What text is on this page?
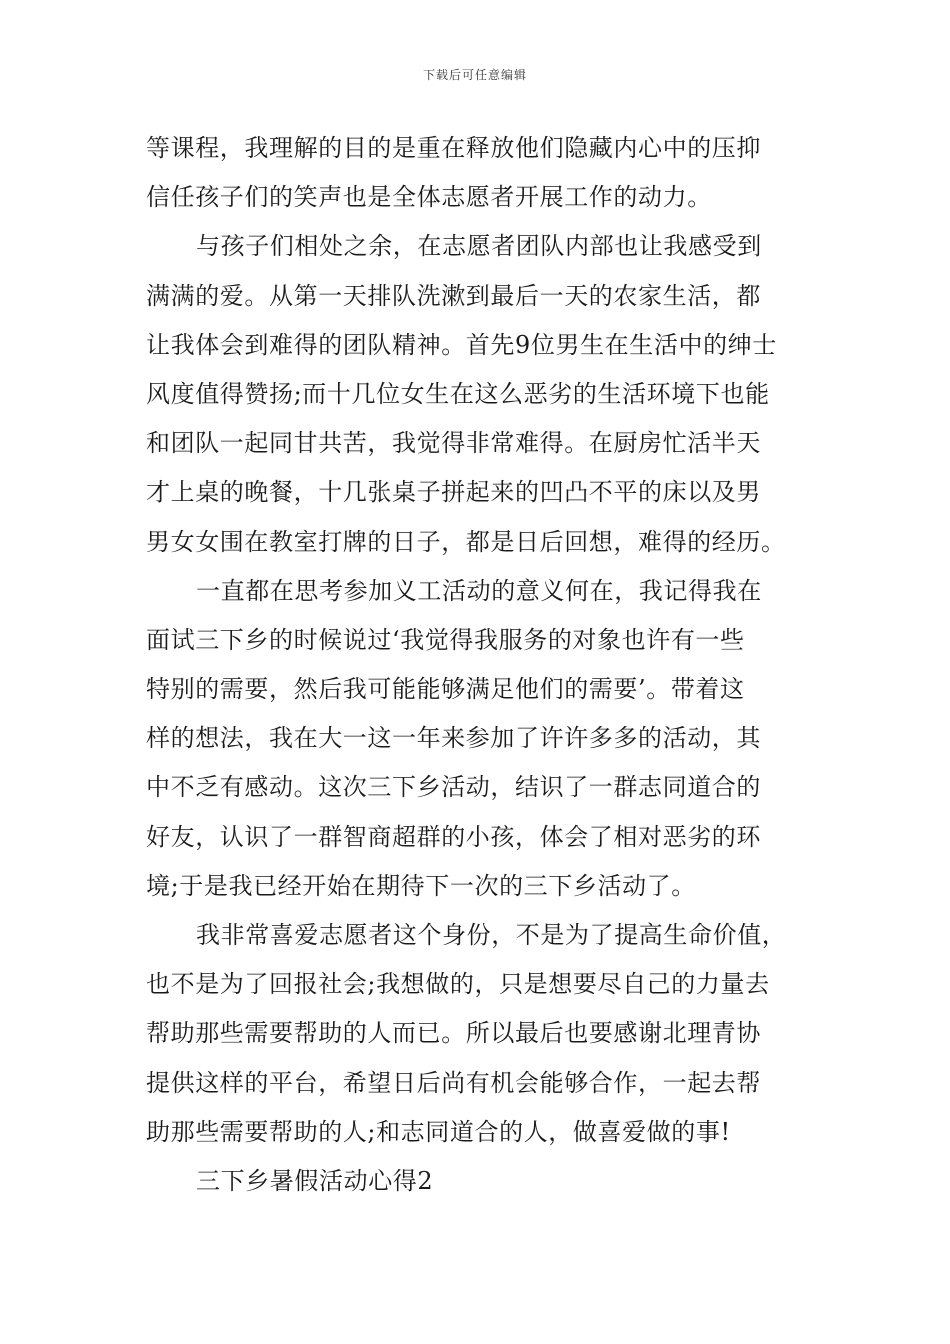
下载后可任意编辑
等课程，我理解的目的是重在释放他们隐藏内心中的压抑
信任孩子们的笑声也是全体志愿者开展工作的动力。
与孩子们相处之余，在志愿者团队内部也让我感受到
满满的爱。从第一天排队洗漱到最后一天的农家生活，都
让我体会到难得的团队精神。首先9位男生在生活中的绅士
风度值得赞扬;而十几位女生在这么恶劣的生活环境下也能
和团队一起同甘共苦，我觉得非常难得。在厨房忙活半天
才上桌的晚餐，十几张桌子拼起来的凹凸不平的床以及男
男女女围在教室打牌的日子，都是日后回想，难得的经历。
一直都在思考参加义工活动的意义何在，我记得我在
面试三下乡的时候说过‘我觉得我服务的对象也许有一些
特别的需要，然后我可能能够满足他们的需要’。带着这
样的想法，我在大一这一年来参加了许许多多的活动，其
中不乏有感动。这次三下乡活动，结识了一群志同道合的
好友，认识了一群智商超群的小孩，体会了相对恶劣的环
境;于是我已经开始在期待下一次的三下乡活动了。
我非常喜爱志愿者这个身份，不是为了提高生命价值，
也不是为了回报社会;我想做的，只是想要尽自己的力量去
帮助那些需要帮助的人而已。所以最后也要感谢北理青协
提供这样的平台，希望日后尚有机会能够合作，一起去帮
助那些需要帮助的人;和志同道合的人，做喜爱做的事!
三下乡暑假活动心得2
